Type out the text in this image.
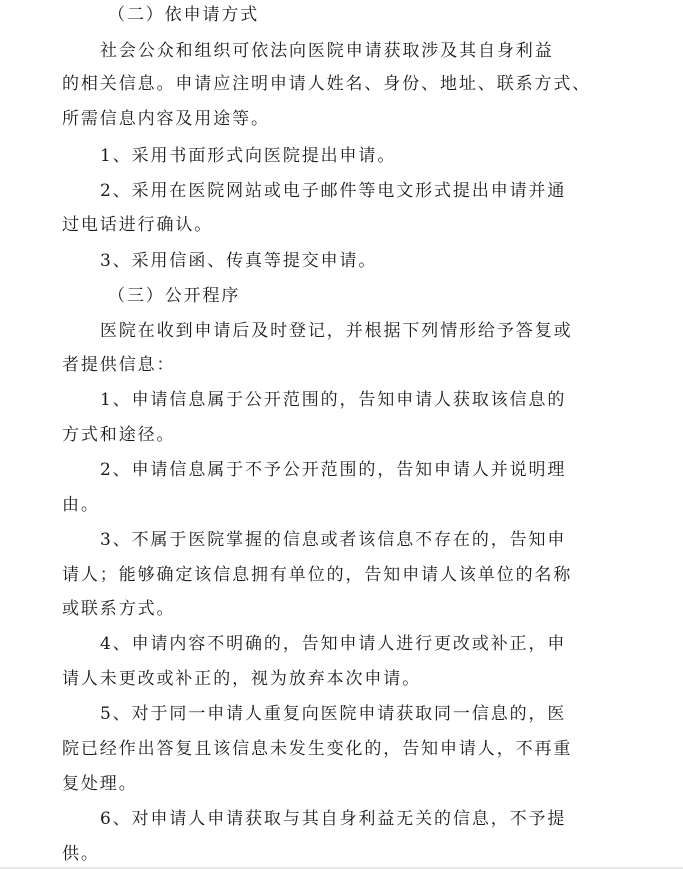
（二）依申请方式
社会公众和组织可依法向医院申请获取涉及其自身利益
的相关信息。申请应注明申请人姓名、身份、地址、联系方式、
所需信息内容及用途等。
1、采用书面形式向医院提出申请。
2、采用在医院网站或电子邮件等电文形式提出申请并通
过电话进行确认。
3、采用信函、传真等提交申请。
（三）公开程序
医院在收到申请后及时登记，并根据下列情形给予答复或
者提供信息：
1、申请信息属于公开范围的，告知申请人获取该信息的
方式和途径。
2、申请信息属于不予公开范围的，告知申请人并说明理
由。
3、不属于医院掌握的信息或者该信息不存在的，告知申
请人；能够确定该信息拥有单位的，告知申请人该单位的名称
或联系方式。
4、申请内容不明确的，告知申请人进行更改或补正，申
请人未更改或补正的，视为放弃本次申请。
5、对于同一申请人重复向医院申请获取同一信息的，医
院已经作出答复且该信息未发生变化的，告知申请人，不再重
复处理。
6、对申请人申请获取与其自身利益无关的信息，不予提
供。
